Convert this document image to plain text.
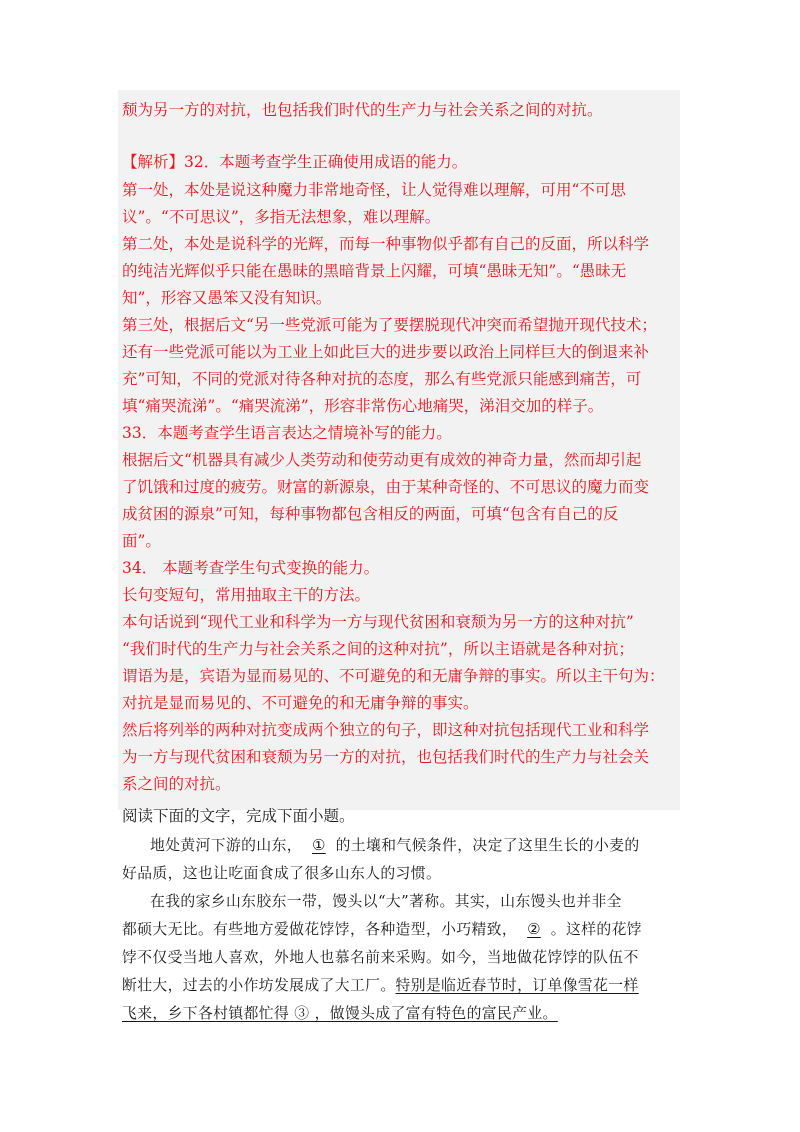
颓为另一方的对抗，也包括我们时代的生产力与社会关系之间的对抗。
【解析】32．本题考查学生正确使用成语的能力。
第一处，本处是说这种魔力非常地奇怪，让人觉得难以理解，可用“不可思
议”。“不可思议”，多指无法想象，难以理解。
第二处，本处是说科学的光辉，而每一种事物似乎都有自己的反面，所以科学
的纯洁光辉似乎只能在愚昧的黑暗背景上闪耀，可填“愚昧无知”。“愚昧无
知”，形容又愚笨又没有知识。
第三处，根据后文“另一些党派可能为了要摆脱现代冲突而希望抛开现代技术；
还有一些党派可能以为工业上如此巨大的进步要以政治上同样巨大的倒退来补
充”可知，不同的党派对待各种对抗的态度，那么有些党派只能感到痛苦，可
填“痛哭流涕”。“痛哭流涕”，形容非常伤心地痛哭，涕泪交加的样子。
33．本题考查学生语言表达之情境补写的能力。
根据后文“机器具有减少人类劳动和使劳动更有成效的神奇力量，然而却引起
了饥饿和过度的疲劳。财富的新源泉，由于某种奇怪的、不可思议的魔力而变
成贫困的源泉”可知，每种事物都包含相反的两面，可填“包含有自己的反
面”。
34． 本题考查学生句式变换的能力。
长句变短句，常用抽取主干的方法。
本句话说到“现代工业和科学为一方与现代贫困和衰颓为另一方的这种对抗”
“我们时代的生产力与社会关系之间的这种对抗”，所以主语就是各种对抗；
谓语为是，宾语为显而易见的、不可避免的和无庸争辩的事实。所以主干句为：
对抗是显而易见的、不可避免的和无庸争辩的事实。
然后将列举的两种对抗变成两个独立的句子，即这种对抗包括现代工业和科学
为一方与现代贫困和衰颓为另一方的对抗，也包括我们时代的生产力与社会关
系之间的对抗。
阅读下面的文字，完成下面小题。
地处黄河下游的山东， ① 的土壤和气候条件，决定了这里生长的小麦的
好品质，这也让吃面食成了很多山东人的习惯。
在我的家乡山东胶东一带，馒头以“大”著称。其实，山东馒头也并非全
都硕大无比。有些地方爱做花饽饽，各种造型，小巧精致， ② 。这样的花饽
饽不仅受当地人喜欢，外地人也慕名前来采购。如今，当地做花饽饽的队伍不
断壮大，过去的小作坊发展成了大工厂。特别是临近春节时，订单像雪花一样
飞来，乡下各村镇都忙得 ③ ，做馒头成了富有特色的富民产业。
